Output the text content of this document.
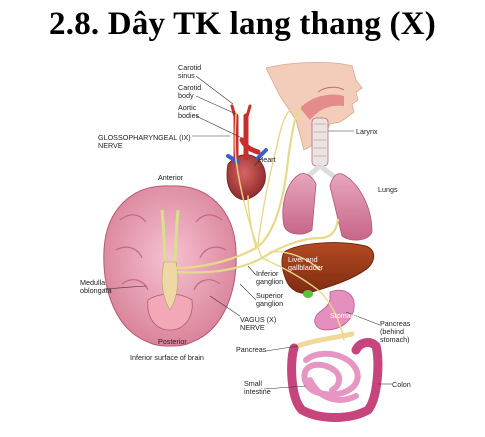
2.8. Dây TK lang thang (X)
Carotid sinus
Carotid body
Aortic bodies
GLOSSOPHARYNGEAL (IX) NERVE
Heart
Larynx
Lungs
Anterior
Medulla oblongata
Inferior ganglion
Superior ganglion
Liver and gallbladder
Stomach
VAGUS (X) NERVE	Pancreas (behind stomach)
Posterior
Pancreas
Inferior surface of brain
Small intestine
Colon
